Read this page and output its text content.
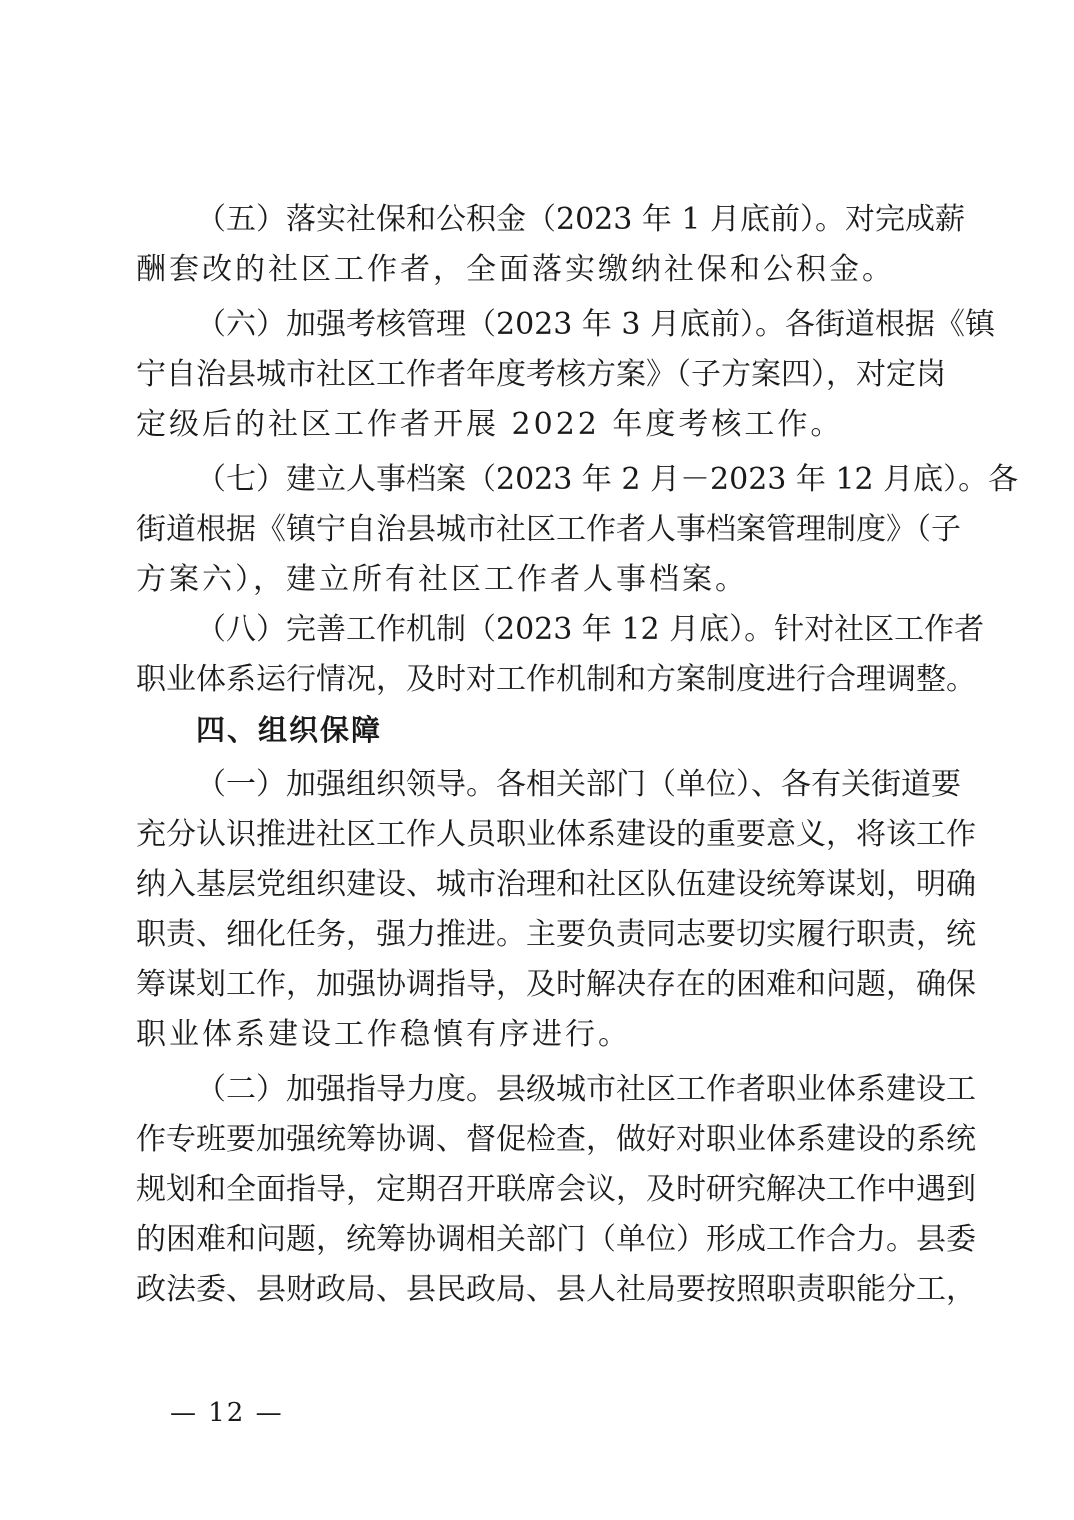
（五）落实社保和公积金（2023 年 1 月底前）。对完成薪
酬套改的社区工作者，全面落实缴纳社保和公积金。
（六）加强考核管理（2023 年 3 月底前）。各街道根据《镇
宁自治县城市社区工作者年度考核方案》（子方案四），对定岗
定级后的社区工作者开展 2022 年度考核工作。
（七）建立人事档案（2023 年 2 月－2023 年 12 月底）。各
街道根据《镇宁自治县城市社区工作者人事档案管理制度》（子
方案六），建立所有社区工作者人事档案。
（八）完善工作机制（2023 年 12 月底）。针对社区工作者
职业体系运行情况，及时对工作机制和方案制度进行合理调整。
四、组织保障
（一）加强组织领导。各相关部门（单位）、各有关街道要
充分认识推进社区工作人员职业体系建设的重要意义，将该工作
纳入基层党组织建设、城市治理和社区队伍建设统筹谋划，明确
职责、细化任务，强力推进。主要负责同志要切实履行职责，统
筹谋划工作，加强协调指导，及时解决存在的困难和问题，确保
职业体系建设工作稳慎有序进行。
（二）加强指导力度。县级城市社区工作者职业体系建设工
作专班要加强统筹协调、督促检查，做好对职业体系建设的系统
规划和全面指导，定期召开联席会议，及时研究解决工作中遇到
的困难和问题，统筹协调相关部门（单位）形成工作合力。县委
政法委、县财政局、县民政局、县人社局要按照职责职能分工，
— 12 —
